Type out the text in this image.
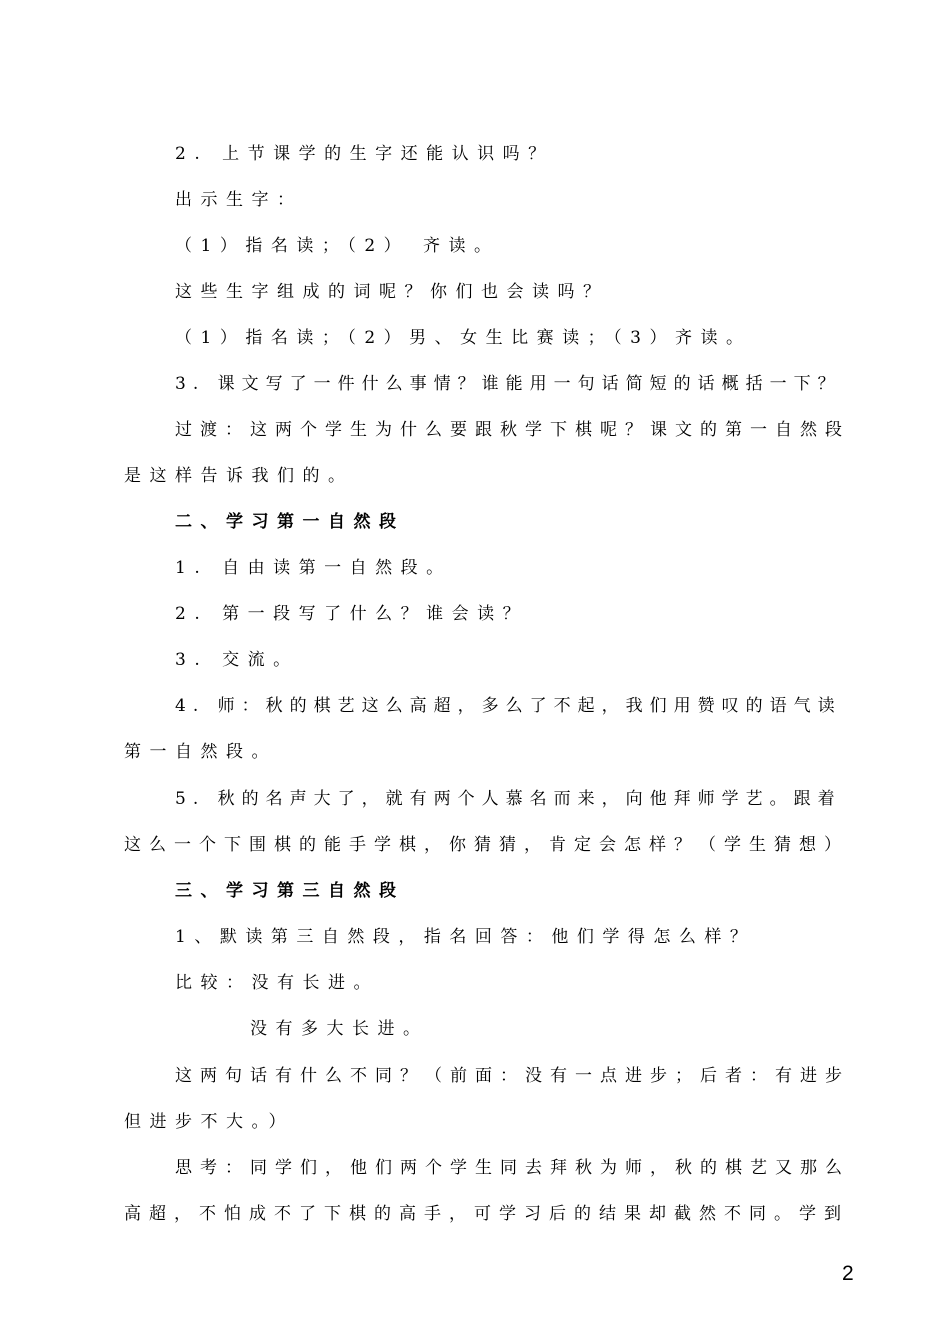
2. 上节课学的生字还能认识吗？
出示生字：
（1）指名读；（2） 齐读。
这些生字组成的词呢？你们也会读吗？
（1）指名读；（2）男、女生比赛读；（3）齐读。
3. 课文写了一件什么事情？谁能用一句话简短的话概括一下？
过渡：这两个学生为什么要跟秋学下棋呢？课文的第一自然段
是这样告诉我们的。
二、学习第一自然段
1. 自由读第一自然段。
2. 第一段写了什么？谁会读？
3. 交流。
4. 师：秋的棋艺这么高超，多么了不起，我们用赞叹的语气读
第一自然段。
5. 秋的名声大了，就有两个人慕名而来，向他拜师学艺。跟着
这么一个下围棋的能手学棋，你猜猜，肯定会怎样？（学生猜想）
三、学习第三自然段
1、默读第三自然段，指名回答：他们学得怎么样？
比较：没有长进。
没有多大长进。
这两句话有什么不同？（前面：没有一点进步；后者：有进步
但进步不大。）
思考：同学们，他们两个学生同去拜秋为师，秋的棋艺又那么
高超，不怕成不了下棋的高手，可学习后的结果却截然不同。学到
2
